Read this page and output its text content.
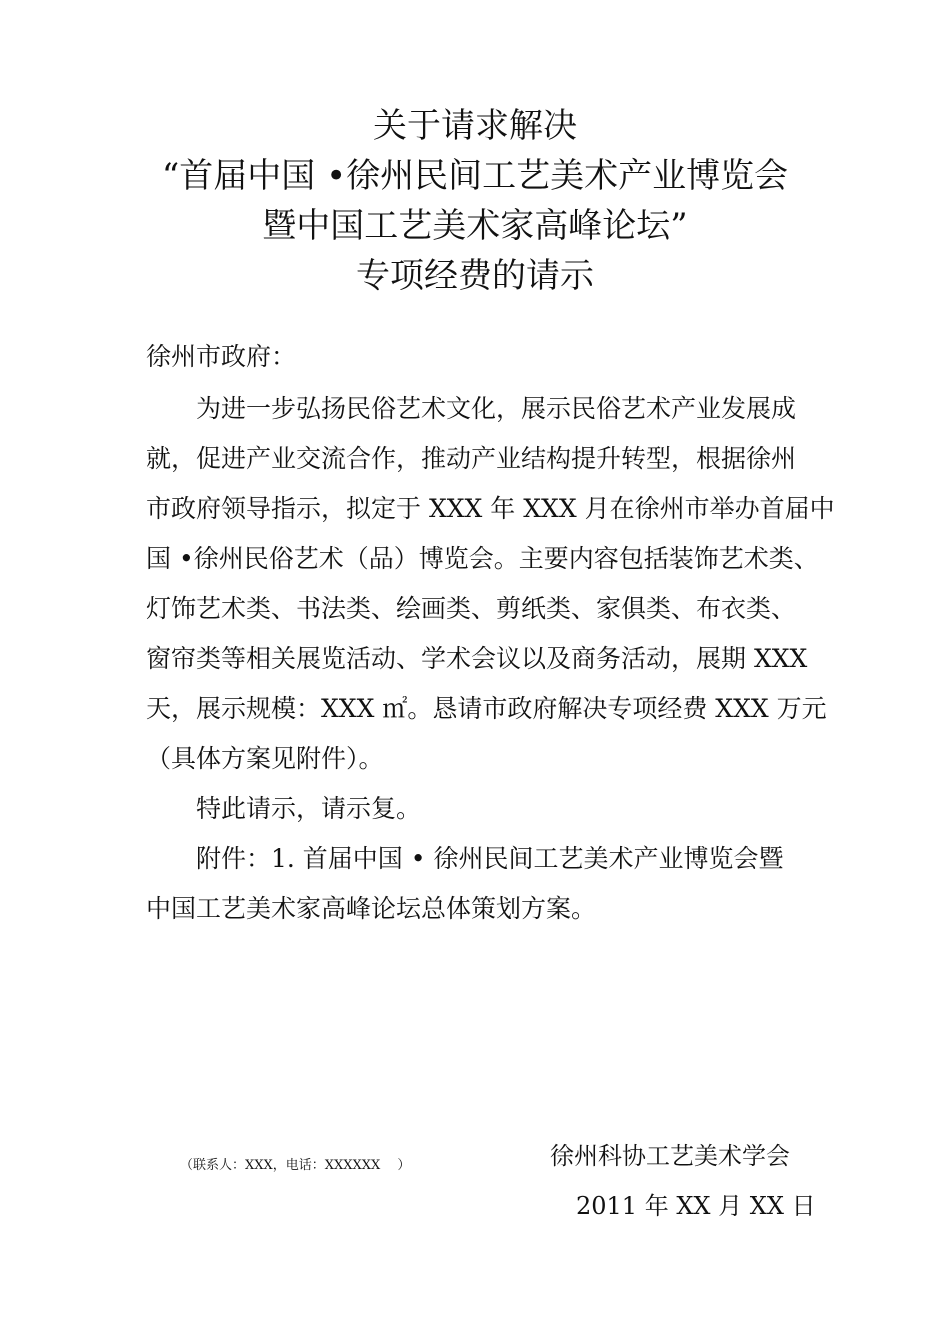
关于请求解决
“首届中国 •徐州民间工艺美术产业博览会
暨中国工艺美术家高峰论坛”
专项经费的请示
徐州市政府：
为进一步弘扬民俗艺术文化，展示民俗艺术产业发展成
就，促进产业交流合作，推动产业结构提升转型，根据徐州
市政府领导指示，拟定于 XXX 年 XXX 月在徐州市举办首届中
国 •徐州民俗艺术（品）博览会。主要内容包括装饰艺术类、
灯饰艺术类、书法类、绘画类、剪纸类、家俱类、布衣类、
窗帘类等相关展览活动、学术会议以及商务活动，展期 XXX
天，展示规模：XXX ㎡。恳请市政府解决专项经费 XXX 万元
（具体方案见附件）。
特此请示，请示复。
附件：1. 首届中国 • 徐州民间工艺美术产业博览会暨
中国工艺美术家高峰论坛总体策划方案。
（联系人：XXX，电话：XXXXXX　 ）	徐州科协工艺美术学会
2011 年 XX 月 XX 日
